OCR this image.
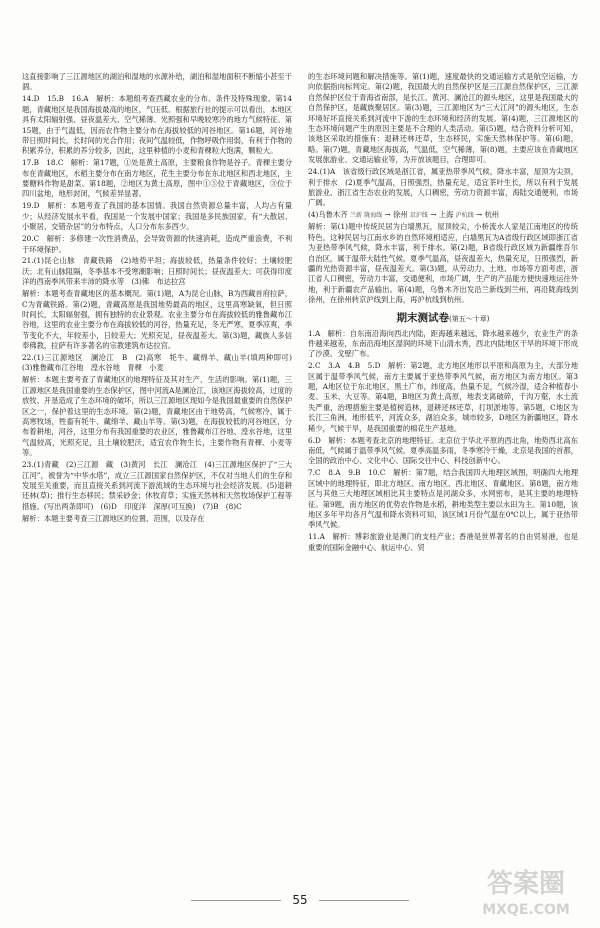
这直接影响了三江源地区的湖泊和湿地的水源补给，湖泊和湿地面积不断缩小甚至干涸。

14.D　15.B　16.A　解析：本题组考查西藏农业的分布、条件及特殊现象。第14题，青藏地区是我国海拔最高的地区，气压低。根据旅行社的提示可以看出，本地区具有太阳辐射强、昼夜温差大、空气稀薄、光照强和早晚较寒冷的地方气候特征。第15题，由于气温低，因而农作物主要分布在海拔较低的河谷地区。第16题，河谷地带日照时间长，长时间的光合作用；夜间气温较低，作物呼吸作用弱，有利于作物的积累养分，积累的养分较多，因此，这里种植的小麦和青稞粒大饱满，颗粒大。

17.B　18.C　解析：第17题，①处是黄土高原，主要粮食作物是谷子。青稞主要分布在青藏地区，水稻主要分布在南方地区，花生主要分布在东北地区和西北地区，主要糖料作物是甜菜。第18题，②地区为黄土高原，图中①⑤位于青藏地区，③位于四川盆地，地形封闭，气候差异显著。

19.D　解析：本题考查了我国的基本国情。我国自然资源总量丰富，人均占有量少；从经济发展水平看，我国是一个发展中国家；我国是多民族国家，有“大散居、小聚居、交错杂居”的分布特点，人口分布东多西少。

20.C　解析：多修建一次性消费品，会导致资源的快速消耗，造成严重浪费，不利于环境保护。

21.(1)昆仑山脉　青藏铁路　(2)地势平坦；海拔较低，热量条件较好；土壤较肥沃；北有山脉阻隔，冬季基本不受寒潮影响；日照时间长；昼夜温差大；可获得印度洋的西南季风带来丰沛的降水等　(3)佛　布达拉宫

解析：本题考查青藏地区的基本概况。第(1)题，A为昆仑山脉，B为西藏首府拉萨，C为青藏铁路。第(2)题，青藏高原是我国地势最高的地区，这里高寒缺氧，但日照时间长，太阳辐射强，拥有独特的农业景观。农业主要分布在海拔较低的雅鲁藏布江谷地，这里的农业主要分布在海拔较低的河谷，热量充足，冬无严寒，夏季凉爽，季节变化不大，年较差小，日较差大；光照充足，昼夜温差大。第(3)题，藏族人多信奉佛教，拉萨有许多著名的宗教建筑布达拉宫。

22.(1)三江源地区　澜沧江　B　(2)高寒　牦牛、藏绵羊、藏山羊(填两种即可)　(3)雅鲁藏布江谷地　湟水谷地　青稞　小麦

解析：本题主要考查了青藏地区的地理特征及其对生产、生活的影响。第(1)题，三江源地区是我国重要的生态保护区，图中河流A是澜沧江，该地区海拔较高，过度的放牧、开垦造成了生态环境的破坏，所以三江源地区现如今是我国最重要的自然保护区之一，保护着这里的生态环境。第(2)题，青藏地区由于地势高，气候寒冷，属于高寒牧场，牲畜有牦牛、藏绵羊、藏山羊等。第(3)题，在海拔较低的河谷地区，分布着耕地，河谷，这里分布有我国重要的农业区，雅鲁藏布江谷地、湟水谷地，这里气温较高，光照充足，且土壤较肥沃，适宜农作物生长，主要作物有青稞、小麦等等。

23.(1)青藏　(2)三江源　藏　(3)黄河　长江　澜沧江　(4)三江源地区保护了“三大江河”，被誉为“中华水塔”，成立三江源国家自然保护区，不仅对当地人们的生存和发展至关重要，而且直接关系到河流下游流域的生态环境与社会经济发展。(5)退耕还林(草)；推行生态移民；禁采砂金；休牧育草；实施天然林和天然牧场保护工程等措施。(写出两条即可)　(6)D　印度洋　深厚(可互换)　(7)B　(8)C

解析：本题主要考查三江源地区的位置、范围，以及存在

的生态环境问题和解决措施等。第(1)题，速度最快的交通运输方式是航空运输，方向依据指向标判定。第(2)题，我国最大的自然保护区是三江源自然保护区，三江源自然保护区位于青海省南部，是长江、黄河、澜沧江的源头地区，这里是我国最大的自然保护区，是藏族聚居区。第(3)题，三江源地区为“三大江河”的源头地区，生态环境好坏直接关系到河流中下游的生态环境和经济的发展。第(4)题，三江源地区的生态环境问题产生的原因主要是不合理的人类活动。第(5)题，结合资料分析可知，该地区采取的措施有：退耕还林还草，生态移民，实施天然林保护等。第(6)题，略。第(7)题，青藏地区海拔高，气温低，空气稀薄，第(8)题，主要应该在青藏地区发展旅游业、交通运输业等，为开放该题目，合理即可。

24.(1)A　该省级行政区域是浙江省，属亚热带季风气候，降水丰富，屋顶为尖顶，利于排水　(2)夏季气温高，日照强烈，热量充足，适宜茶叶生长，所以有利于发展旅游业、浙江省生态农业的发展，人口稠密，劳动力资源丰富，海陆交通便利，市场广阔。

(4)乌鲁木齐 兰新 陇海线 → 徐州 京沪线 → 上海 沪杭线 → 杭州

解析：第(1)题中传统民居为白墙黑瓦，屋顶较尖，小桥流水人家是江南地区的传统特色，这种民居与江南水乡的自然环境相适应，白墙黑瓦为A省级行政区域即浙江省为亚热带季风气候，降水丰富，利于排水。第(2)题，B省级行政区域为新疆维吾尔自治区，属于温带大陆性气候，夏季气温高，昼夜温差大，热量充足，日照强烈，新疆的光热资源丰富，昼夜温差大。第(3)题，从劳动力、土地、市场等方面考虑，浙江省人口稠密，劳动力丰富，交通便利，市场广阔，生产的产品能方便快速地运往外地，利于新疆农产品输出。第(4)题，乌鲁木齐出发沿兰新线到兰州，再沿陇海线到徐州，在徐州转京沪线到上海，再沪杭线到杭州。

期末测试卷(第五～十章)

1.A　解析：自东南沿海向西北内陆，距海越来越远，降水越来越少，农业生产的条件越来越差，东南沿海地区湿润的环境下山清水秀，西北内陆地区干旱的环境下形成了沙漠、戈壁广布。

2.C　3.A　4.B　5.D　解析：第2题，北方地区地形以平原和高原为主，大部分地区属于温带季风气候，南方主要属于亚热带季风气候，南方地区为南方地区。第3题，A地区位于东北地区，黑土广布，纬度高，热量不足，气候冷湿，适合种植春小麦、玉米、大豆等。第4题，B地区为黄土高原，地表支离破碎，千沟万壑，水土流失严重，治理措施主要是植树造林，退耕还林还草，打坝淤地等。第5题，C地区为长江三角洲，地形低平，河流众多，湖泊众多，城市较多，D地区为新疆地区，降水稀少，气候干旱，是我国重要的棉花生产基地。

6.D　解析：本题考查北京的地理特征。北京位于华北平原的西北角，地势西北高东南低，气候属于温带季风气候，夏季高温多雨，冬季寒冷干燥，北京是我国的首都，全国的政治中心、文化中心、国际交往中心、科技创新中心。

7.C　8.A　9.B　10.C　解析：第7题，结合我国四大地理区域图，明确四大地理区域中的地理特征，即北方地区、南方地区、西北地区、青藏地区。第8题，南方地区与其他三大地理区域相比其主要特点是河湖众多，水网密布，是其主要的地理特征。第9题，南方地区的优势农作物是水稻，耕地类型主要以水田为主。第10题，该地区多年平均各月气温和降水资料可知，该区域1月份气温在0℃以上，属于亚热带季风气候。

11.A　解析：博彩旅游业是澳门的支柱产业；香港是世界著名的自由贸易港，也是重要的国际金融中心、航运中心、贸

55
答案圈
MXQE.COM
